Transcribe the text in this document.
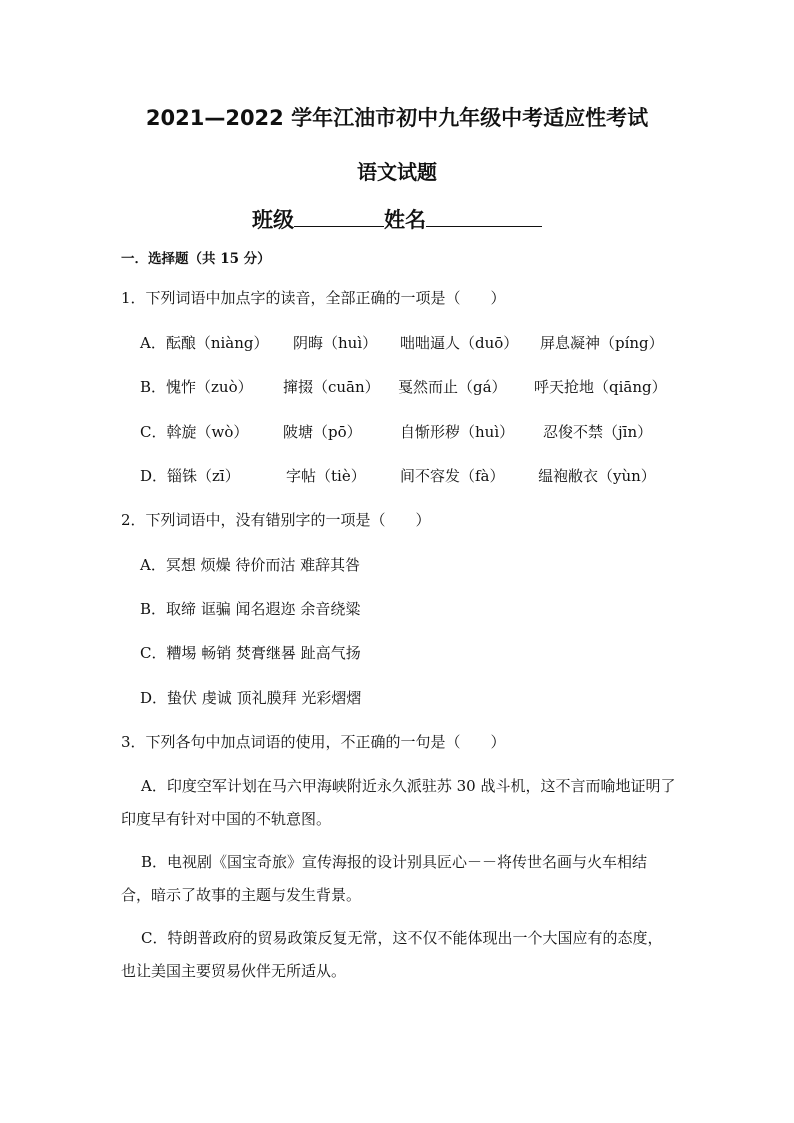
2021—2022 学年江油市初中九年级中考适应性考试
语文试题
班级	姓名
一．选择题（共 15 分）
1．下列词语中加点字的读音，全部正确的一项是（　　）
A．酝酿（niàng） 阴晦（huì） 咄咄逼人（duō） 屏息凝神（píng）
B．愧怍（zuò） 撺掇（cuān） 戛然而止（gá） 呼天抢地（qiāng）
C．斡旋（wò） 陂塘（pō）	自惭形秽（huì） 忍俊不禁（jīn）
D．锱铢（zī）	字帖（tiè） 间不容发（fà） 缊袍敝衣（yùn）
2．下列词语中，没有错别字的一项是（　　）
A．冥想 烦燥 待价而沽 难辞其咎
B．取缔 诓骗 闻名遐迩 余音绕粱
C．糟埸 畅销 焚膏继晷 趾高气扬
D．蛰伏 虔诚 顶礼膜拜 光彩熠熠
3．下列各句中加点词语的使用，不正确的一句是（　　）
A．印度空军计划在马六甲海峡附近永久派驻苏 30 战斗机，这不言而喻地证明了印度早有针对中国的不轨意图。
B．电视剧《国宝奇旅》宣传海报的设计别具匠心－－将传世名画与火车相结合，暗示了故事的主题与发生背景。
C．特朗普政府的贸易政策反复无常，这不仅不能体现出一个大国应有的态度，也让美国主要贸易伙伴无所适从。
